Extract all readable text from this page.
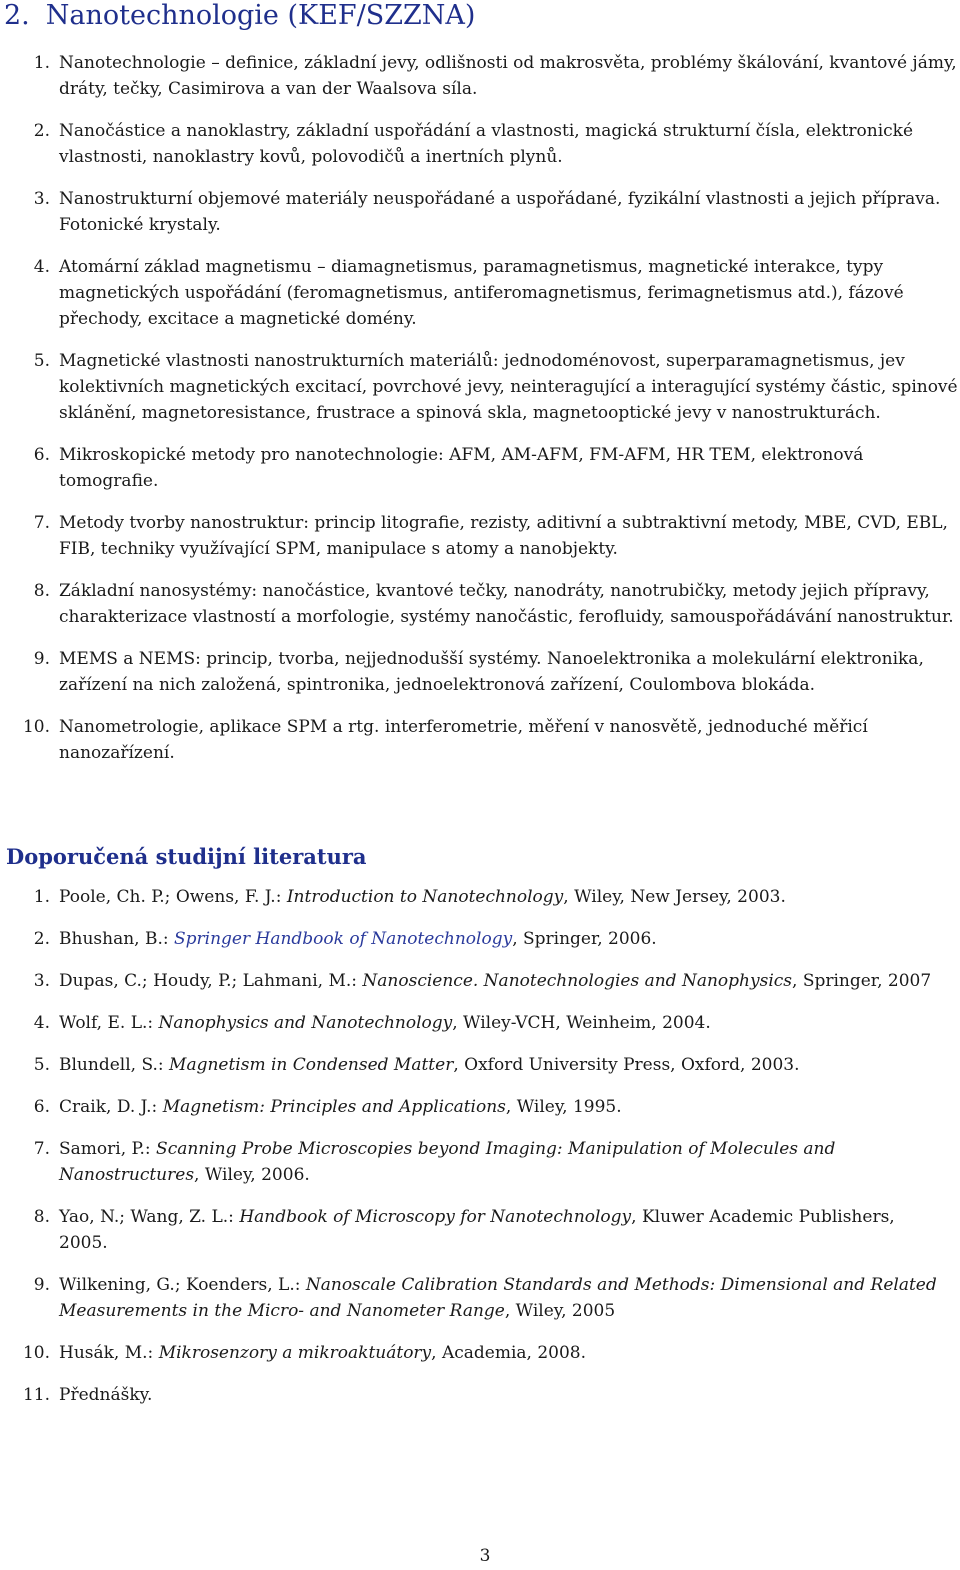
2. Nanotechnologie (KEF/SZZNA)
1. Nanotechnologie – definice, základní jevy, odlišnosti od makrosvěta, problémy škálování, kvantové jámy, dráty, tečky, Casimirova a van der Waalsova síla.
2. Nanočástice a nanoklastry, základní uspořádání a vlastnosti, magická strukturní čísla, elektronické vlastnosti, nanoklastry kovů, polovodičů a inertních plynů.
3. Nanostrukturní objemové materiály neuspořádané a uspořádané, fyzikální vlastnosti a jejich příprava. Fotonické krystaly.
4. Atomární základ magnetismu – diamagnetismus, paramagnetismus, magnetické interakce, typy magnetických uspořádání (feromagnetismus, antiferomagnetismus, ferimagnetismus atd.), fázové přechody, excitace a magnetické domény.
5. Magnetické vlastnosti nanostrukturních materiálů: jednodoménovost, superparamagnetismus, jev kolektivních magnetických excitací, povrchové jevy, neinteragující a interagující systémy částic, spinové sklánění, magnetoresistance, frustrace a spinová skla, magnetooptické jevy v nanostrukturách.
6. Mikroskopické metody pro nanotechnologie: AFM, AM-AFM, FM-AFM, HR TEM, elektronová tomografie.
7. Metody tvorby nanostruktur: princip litografie, rezisty, aditivní a subtraktivní metody, MBE, CVD, EBL, FIB, techniky využívající SPM, manipulace s atomy a nanobjekty.
8. Základní nanosystémy: nanočástice, kvantové tečky, nanodráty, nanotrubičky, metody jejich přípravy, charakterizace vlastností a morfologie, systémy nanočástic, ferofluidy, samouspořádávání nanostruktur.
9. MEMS a NEMS: princip, tvorba, nejjednodušší systémy. Nanoelektronika a molekulární elektronika, zařízení na nich založená, spintronika, jednoelektronová zařízení, Coulombova blokáda.
10. Nanometrologie, aplikace SPM a rtg. interferometrie, měření v nanosvětě, jednoduché měřicí nanozařízení.
Doporučená studijní literatura
1. Poole, Ch. P.; Owens, F. J.: Introduction to Nanotechnology, Wiley, New Jersey, 2003.
2. Bhushan, B.: Springer Handbook of Nanotechnology, Springer, 2006.
3. Dupas, C.; Houdy, P.; Lahmani, M.: Nanoscience. Nanotechnologies and Nanophysics, Springer, 2007
4. Wolf, E. L.: Nanophysics and Nanotechnology, Wiley-VCH, Weinheim, 2004.
5. Blundell, S.: Magnetism in Condensed Matter, Oxford University Press, Oxford, 2003.
6. Craik, D. J.: Magnetism: Principles and Applications, Wiley, 1995.
7. Samori, P.: Scanning Probe Microscopies beyond Imaging: Manipulation of Molecules and Nanostructures, Wiley, 2006.
8. Yao, N.; Wang, Z. L.: Handbook of Microscopy for Nanotechnology, Kluwer Academic Publishers, 2005.
9. Wilkening, G.; Koenders, L.: Nanoscale Calibration Standards and Methods: Dimensional and Related Measurements in the Micro- and Nanometer Range, Wiley, 2005
10. Husák, M.: Mikrosenzory a mikroaktuátory, Academia, 2008.
11. Přednášky.
3
